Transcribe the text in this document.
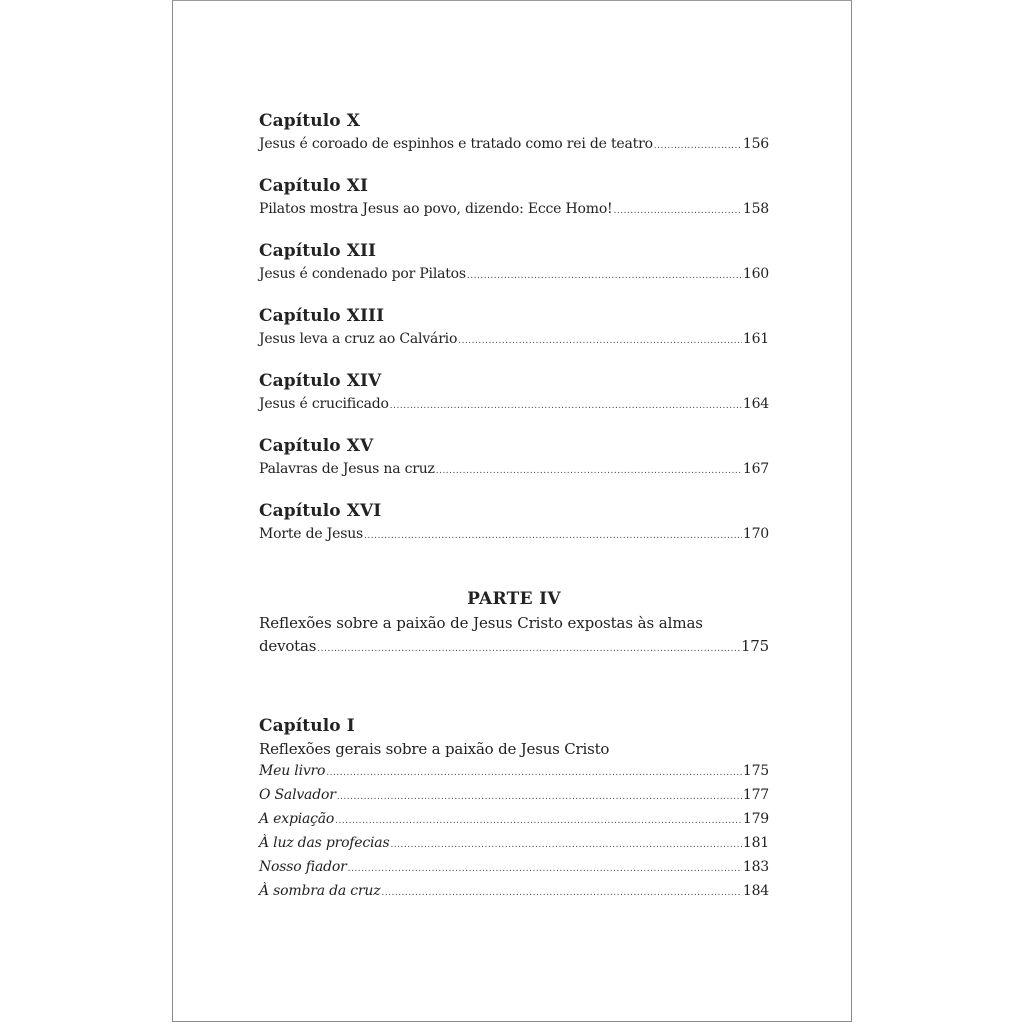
Capítulo X
Jesus é coroado de espinhos e tratado como rei de teatro .....	156
Capítulo XI
Pilatos mostra Jesus ao povo, dizendo: Ecce Homo! .....	158
Capítulo XII
Jesus é condenado por Pilatos .....	160
Capítulo XIII
Jesus leva a cruz ao Calvário .....	161
Capítulo XIV
Jesus é crucificado .....	164
Capítulo XV
Palavras de Jesus na cruz .....	167
Capítulo XVI
Morte de Jesus .....	170
PARTE IV
Reflexões sobre a paixão de Jesus Cristo expostas às almas
devotas .....	175
Capítulo I
Reflexões gerais sobre a paixão de Jesus Cristo
Meu livro .....	175
O Salvador .....	177
A expiação .....	179
À luz das profecias .....	181
Nosso fiador .....	183
À sombra da cruz .....	184
